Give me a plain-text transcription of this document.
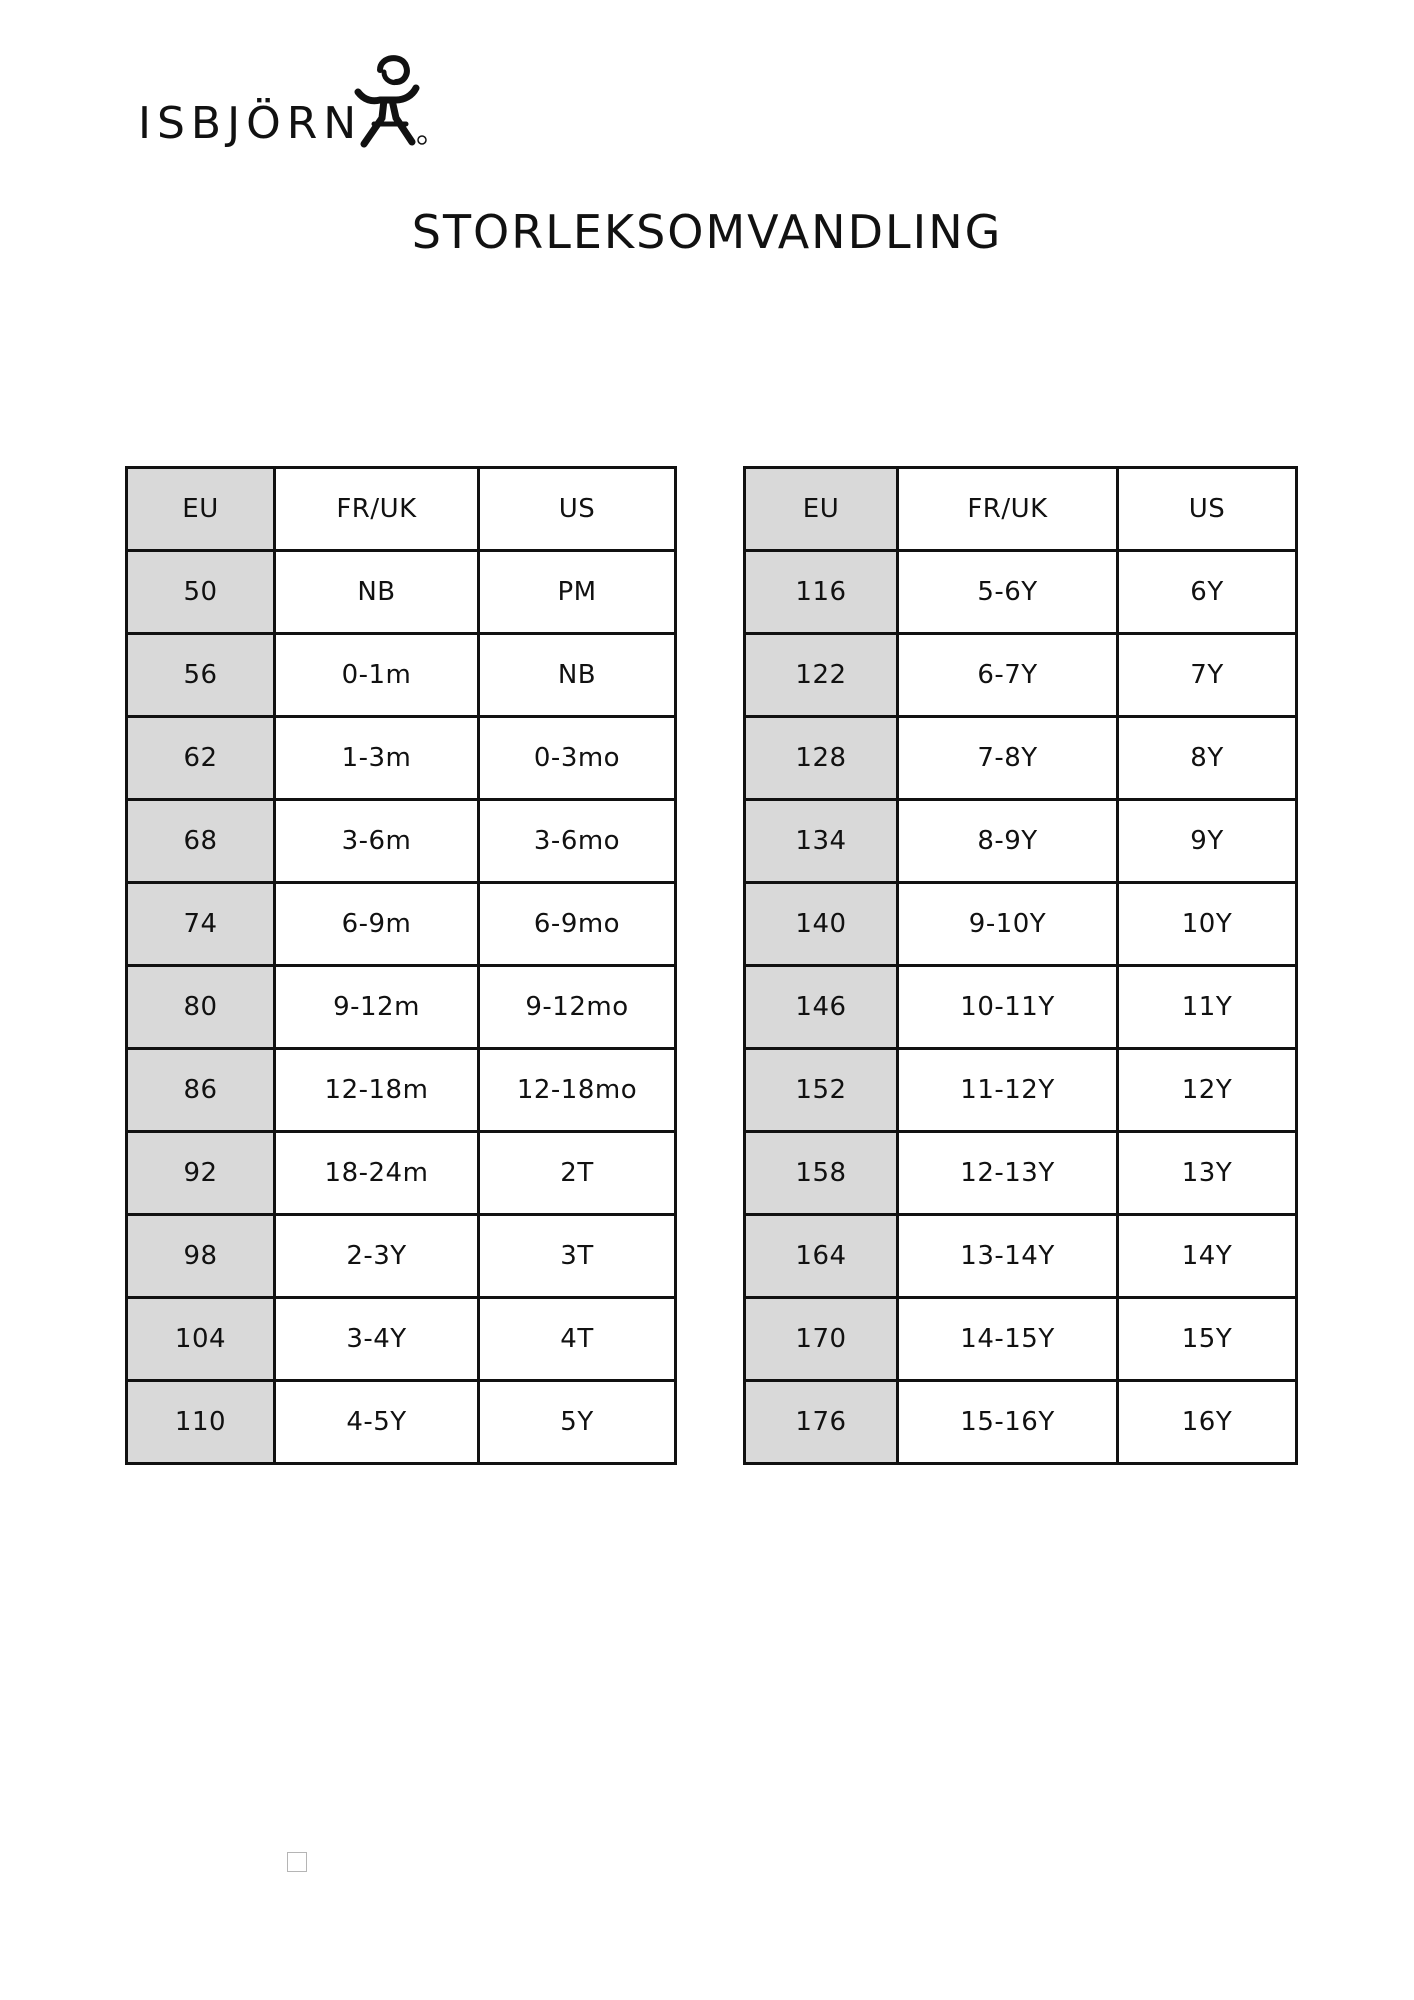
ISBJÖRN
STORLEKSOMVANDLING
EU	FR/UK	US
50	NB	PM
56	0-1m	NB
62	1-3m	0-3mo
68	3-6m	3-6mo
74	6-9m	6-9mo
80	9-12m	9-12mo
86	12-18m	12-18mo
92	18-24m	2T
98	2-3Y	3T
104	3-4Y	4T
110	4-5Y	5Y
EU	FR/UK	US
116	5-6Y	6Y
122	6-7Y	7Y
128	7-8Y	8Y
134	8-9Y	9Y
140	9-10Y	10Y
146	10-11Y	11Y
152	11-12Y	12Y
158	12-13Y	13Y
164	13-14Y	14Y
170	14-15Y	15Y
176	15-16Y	16Y
